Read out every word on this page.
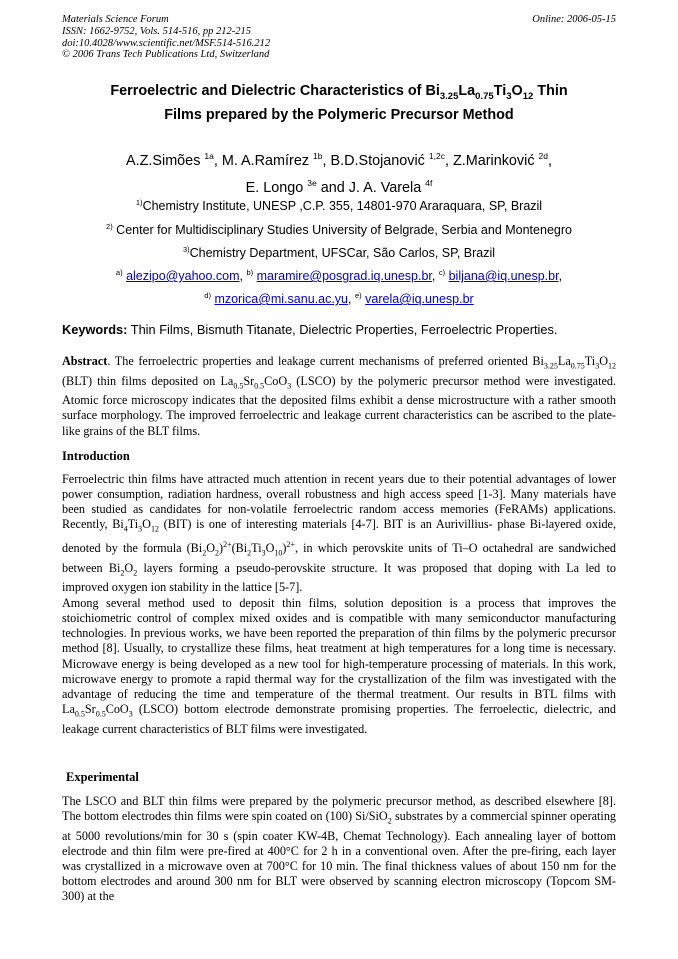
Materials Science Forum
ISSN: 1662-9752, Vols. 514-516, pp 212-215
doi:10.4028/www.scientific.net/MSF.514-516.212
© 2006 Trans Tech Publications Ltd, Switzerland
Online: 2006-05-15
Ferroelectric and Dielectric Characteristics of $Bi_{3.25}La_{0.75}Ti_3O_{12}$ Thin
Films prepared by the Polymeric Precursor Method
A.Z.Simões $^{1a}$, M. A.Ramírez $^{1b}$, B.D.Stojanović $^{1,2c}$, Z.Marinković $^{2d}$,
E. Longo $^{3e}$ and J. A. Varela $^{4f}$
$^{1)}$Chemistry Institute, UNESP ,C.P. 355, 14801-970 Araraquara, SP, Brazil
$^{2)}$ Center for Multidisciplinary Studies University of Belgrade, Serbia and Montenegro
$^{3)}$Chemistry Department, UFSCar, São Carlos, SP, Brazil
$^{a)}$ alezipo@yahoo.com, $^{b)}$ maramire@posgrad.iq.unesp.br, $^{c)}$ biljana@iq.unesp.br,
$^{d)}$ mzorica@mi.sanu.ac.yu, $^{e)}$ varela@iq.unesp.br
Keywords: Thin Films, Bismuth Titanate, Dielectric Properties, Ferroelectric Properties.
Abstract. The ferroelectric properties and leakage current mechanisms of preferred oriented $Bi_{3.25}La_{0.75}Ti_3O_{12}$ (BLT) thin films deposited on $La_{0.5}Sr_{0.5}CoO_3$ (LSCO) by the polymeric precursor method were investigated. Atomic force microscopy indicates that the deposited films exhibit a dense microstructure with a rather smooth surface morphology. The improved ferroelectric and leakage current characteristics can be ascribed to the plate-like grains of the BLT films.
Introduction
Ferroelectric thin films have attracted much attention in recent years due to their potential advantages of lower power consumption, radiation hardness, overall robustness and high access speed [1-3]. Many materials have been studied as candidates for non-volatile ferroelectric random access memories (FeRAMs) applications. Recently, $Bi_4Ti_3O_{12}$ (BIT) is one of interesting materials [4-7]. BIT is an Aurivillius- phase Bi-layered oxide, denoted by the formula $(Bi_2O_2)^{2+}(Bi_2Ti_3O_{10})^{2+}$, in which perovskite units of Ti–O octahedral are sandwiched between $Bi_2O_2$ layers forming a pseudo-perovskite structure. It was proposed that doping with La led to improved oxygen ion stability in the lattice [5-7].
Among several method used to deposit thin films, solution deposition is a process that improves the stoichiometric control of complex mixed oxides and is compatible with many semiconductor manufacturing technologies. In previous works, we have been reported the preparation of thin films by the polymeric precursor method [8]. Usually, to crystallize these films, heat treatment at high temperatures for a long time is necessary. Microwave energy is being developed as a new tool for high-temperature processing of materials. In this work, microwave energy to promote a rapid thermal way for the crystallization of the film was investigated with the advantage of reducing the time and temperature of the thermal treatment. Our results in BTL films with $La_{0.5}Sr_{0.5}CoO_3$ (LSCO) bottom electrode demonstrate promising properties. The ferroelectic, dielectric, and leakage current characteristics of BLT films were investigated.
Experimental
The LSCO and BLT thin films were prepared by the polymeric precursor method, as described elsewhere [8]. The bottom electrodes thin films were spin coated on (100) Si/SiO$_2$ substrates by a commercial spinner operating at 5000 revolutions/min for 30 s (spin coater KW-4B, Chemat Technology). Each annealing layer of bottom electrode and thin film were pre-fired at 400°C for 2 h in a conventional oven. After the pre-firing, each layer was crystallized in a microwave oven at 700°C for 10 min. The final thickness values of about 150 nm for the bottom electrodes and around 300 nm for BLT were observed by scanning electron microscopy (Topcom SM-300) at the
